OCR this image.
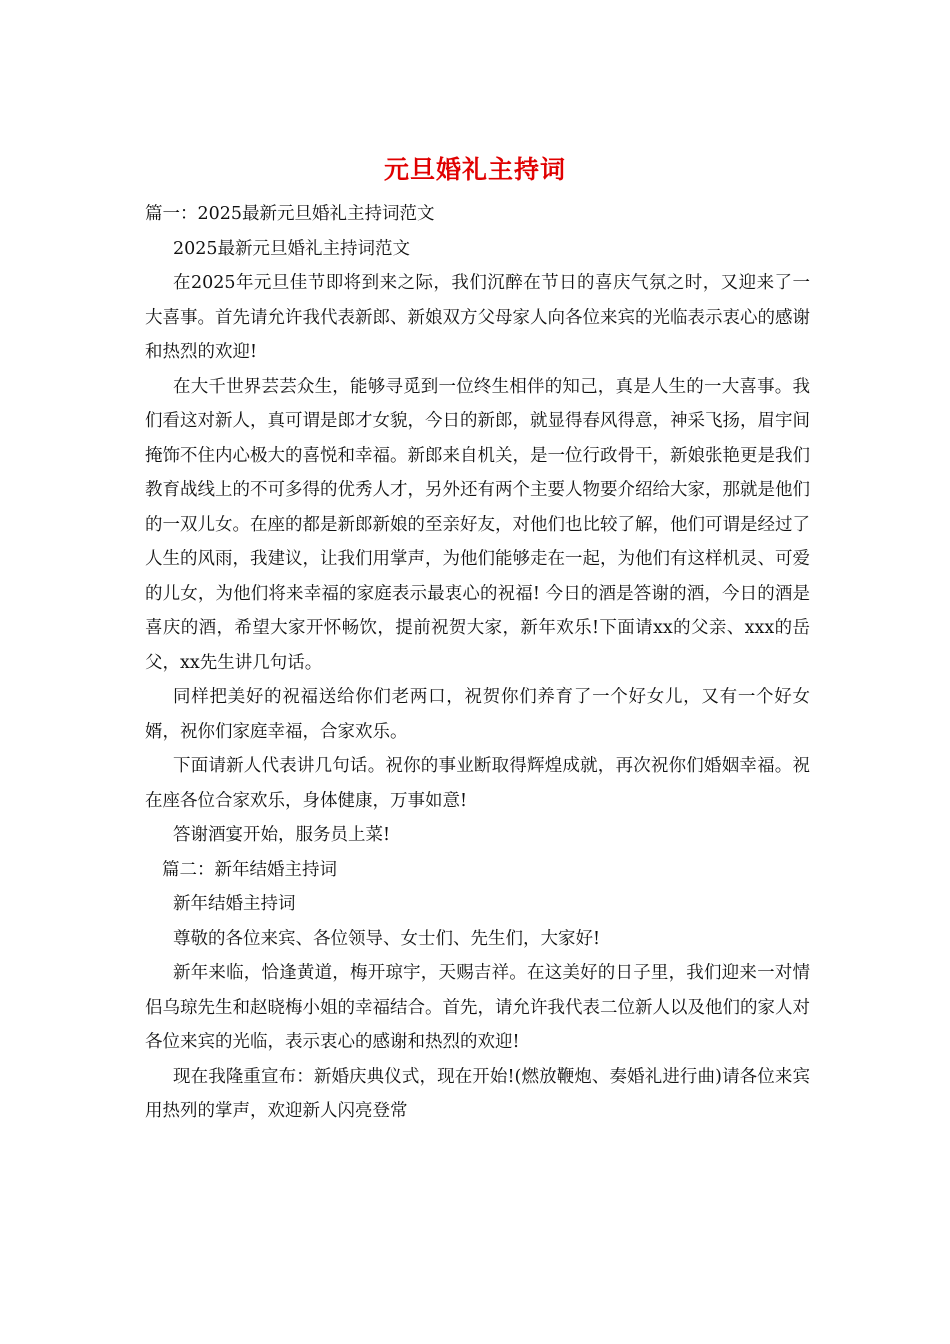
元旦婚礼主持词
篇一：2025最新元旦婚礼主持词范文
2025最新元旦婚礼主持词范文

在2025年元旦佳节即将到来之际，我们沉醉在节日的喜庆气氛之时，又迎来了一大喜事。首先请允许我代表新郎、新娘双方父母家人向各位来宾的光临表示衷心的感谢和热烈的欢迎!

在大千世界芸芸众生，能够寻觅到一位终生相伴的知己，真是人生的一大喜事。我们看这对新人，真可谓是郎才女貌，今日的新郎，就显得春风得意，神采飞扬，眉宇间掩饰不住内心极大的喜悦和幸福。新郎来自机关，是一位行政骨干，新娘张艳更是我们教育战线上的不可多得的优秀人才，另外还有两个主要人物要介绍给大家，那就是他们的一双儿女。在座的都是新郎新娘的至亲好友，对他们也比较了解，他们可谓是经过了人生的风雨，我建议，让我们用掌声，为他们能够走在一起，为他们有这样机灵、可爱的儿女，为他们将来幸福的家庭表示最衷心的祝福! 今日的酒是答谢的酒，今日的酒是喜庆的酒，希望大家开怀畅饮，提前祝贺大家，新年欢乐!下面请xx的父亲、xxx的岳父，xx先生讲几句话。

同样把美好的祝福送给你们老两口，祝贺你们养育了一个好女儿，又有一个好女婿，祝你们家庭幸福，合家欢乐。

下面请新人代表讲几句话。祝你的事业断取得辉煌成就，再次祝你们婚姻幸福。祝在座各位合家欢乐，身体健康，万事如意!

答谢酒宴开始，服务员上菜!

篇二：新年结婚主持词
新年结婚主持词

尊敬的各位来宾、各位领导、女士们、先生们，大家好!

新年来临，恰逢黄道，梅开琼宇，天赐吉祥。在这美好的日子里，我们迎来一对情侣乌琼先生和赵晓梅小姐的幸福结合。首先，请允许我代表二位新人以及他们的家人对各位来宾的光临，表示衷心的感谢和热烈的欢迎!

现在我隆重宣布：新婚庆典仪式，现在开始!(燃放鞭炮、奏婚礼进行曲)请各位来宾用热列的掌声，欢迎新人闪亮登常
